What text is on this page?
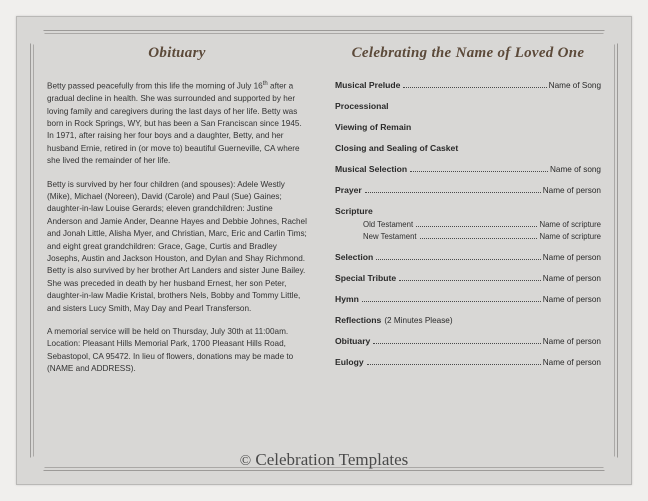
Obituary

Betty passed peacefully from this life the morning of July 16th after a gradual decline in health. She was surrounded and supported by her loving family and caregivers during the last days of her life. Betty was born in Rock Springs, WY, but has been a San Franciscan since 1945. In 1971, after raising her four boys and a daughter, Betty, and her husband Ernie, retired in (or move to) beautiful Guerneville, CA where she lived the remainder of her life.

Betty is survived by her four children (and spouses): Adele Westly (Mike), Michael (Noreen), David (Carole) and Paul (Sue) Gaines; daughter-in-law Louise Gerards; eleven grandchildren: Justine Anderson and Jamie Ander, Deanne Hayes and Debbie Johnes, Rachel and Jonah Little, Alisha Myer, and Christian, Marc, Eric and Carlin Tims; and eight great grandchildren: Grace, Gage, Curtis and Bradley Josephs, Austin and Jackson Houston, and Dylan and Shay Richmond. Betty is also survived by her brother Art Landers and sister June Bailey. She was preceded in death by her husband Ernest, her son Peter, daughter-in-law Madie Kristal, brothers Nels, Bobby and Tommy Little, and sisters Lucy Smith, May Day and Pearl Transferson.

A memorial service will be held on Thursday, July 30th at 11:00am. Location: Pleasant Hills Memorial Park, 1700 Pleasant Hills Road, Sebastopol, CA 95472. In lieu of flowers, donations may be made to (NAME and ADDRESS).

Celebrating the Name of Loved One
Musical Prelude	Name of Song
Processional
Viewing of Remain
Closing and Sealing of Casket
Musical Selection	Name of song
Prayer	Name of person
Scripture
Old Testament	Name of scripture
New Testament	Name of scripture
Selection	Name of person
Special Tribute	Name of person
Hymn	Name of person
Reflections (2 Minutes Please)
Obituary	Name of person
Eulogy	Name of person
© Celebration Templates
